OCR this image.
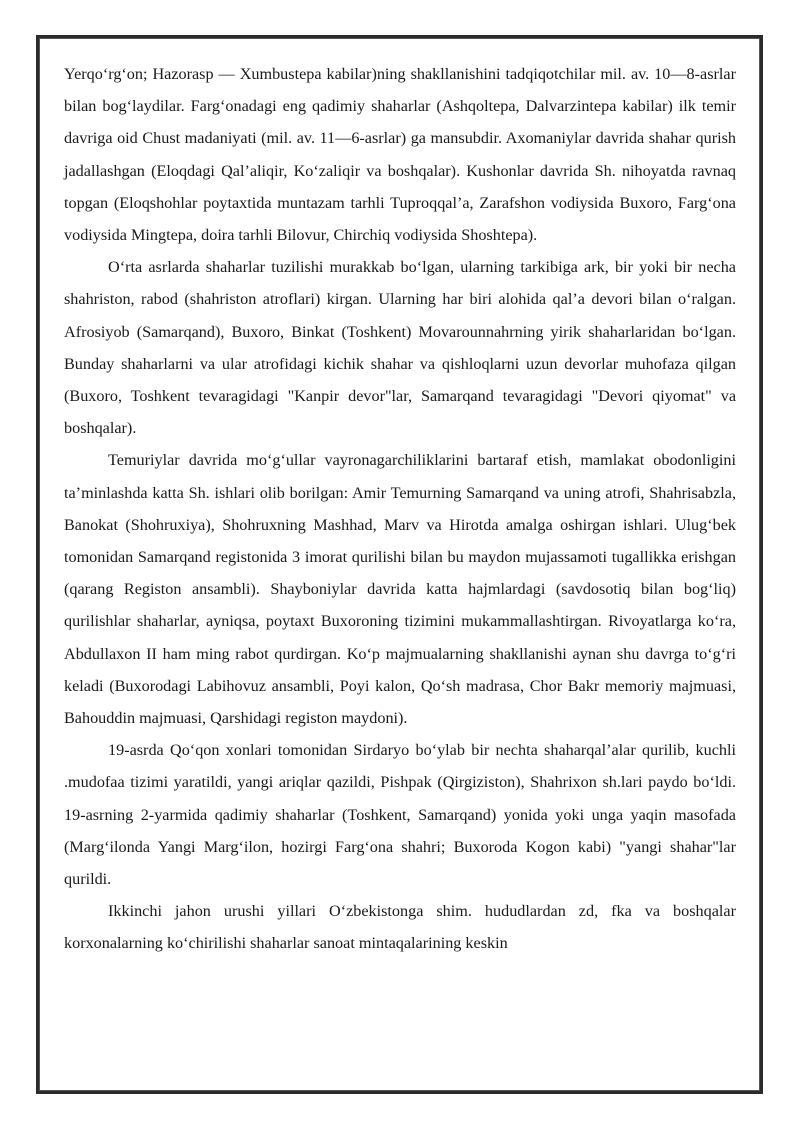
Yerqo‘rg‘on; Hazorasp — Xumbustepa kabilar)ning shakllanishini tadqiqotchilar mil. av. 10—8-asrlar bilan bog‘laydilar. Farg‘onadagi eng qadimiy shaharlar (Ashqoltepa, Dalvarzintepa kabilar) ilk temir davriga oid Chust madaniyati (mil. av. 11—6-asrlar) ga mansubdir. Axomaniylar davrida shahar qurish jadallashgan (Eloqdagi Qal’aliqir, Ko‘zaliqir va boshqalar). Kushonlar davrida Sh. nihoyatda ravnaq topgan (Eloqshohlar poytaxtida muntazam tarhli Tuproqqal’a, Zarafshon vodiysida Buxoro, Farg‘ona vodiysida Mingtepa, doira tarhli Bilovur, Chirchiq vodiysida Shoshtepa).

O‘rta asrlarda shaharlar tuzilishi murakkab bo‘lgan, ularning tarkibiga ark, bir yoki bir necha shahriston, rabod (shahriston atroflari) kirgan. Ularning har biri alohida qal’a devori bilan o‘ralgan. Afrosiyob (Samarqand), Buxoro, Binkat (Toshkent) Movarounnahrning yirik shaharlaridan bo‘lgan. Bunday shaharlarni va ular atrofidagi kichik shahar va qishloqlarni uzun devorlar muhofaza qilgan (Buxoro, Toshkent tevaragidagi "Kanpir devor"lar, Samarqand tevaragidagi "Devori qiyomat" va boshqalar).

Temuriylar davrida mo‘g‘ullar vayronagarchiliklarini bartaraf etish, mamlakat obodonligini ta’minlashda katta Sh. ishlari olib borilgan: Amir Temurning Samarqand va uning atrofi, Shahrisabzla, Banokat (Shohruxiya), Shohruxning Mashhad, Marv va Hirotda amalga oshirgan ishlari. Ulug‘bek tomonidan Samarqand registonida 3 imorat qurilishi bilan bu maydon mujassamoti tugallikka erishgan (qarang Registon ansambli). Shayboniylar davrida katta hajmlardagi (savdosotiq bilan bog‘liq) qurilishlar shaharlar, ayniqsa, poytaxt Buxoroning tizimini mukammallashtirgan. Rivoyatlarga ko‘ra, Abdullaxon II ham ming rabot qurdirgan. Ko‘p majmualarning shakllanishi aynan shu davrga to‘g‘ri keladi (Buxorodagi Labihovuz ansambli, Poyi kalon, Qo‘sh madrasa, Chor Bakr memoriy majmuasi, Bahouddin majmuasi, Qarshidagi registon maydoni).

19-asrda Qo‘qon xonlari tomonidan Sirdaryo bo‘ylab bir nechta shaharqal’alar qurilib, kuchli .mudofaa tizimi yaratildi, yangi ariqlar qazildi, Pishpak (Qirgiziston), Shahrixon sh.lari paydo bo‘ldi. 19-asrning 2-yarmida qadimiy shaharlar (Toshkent, Samarqand) yonida yoki unga yaqin masofada (Marg‘ilonda Yangi Marg‘ilon, hozirgi Farg‘ona shahri; Buxoroda Kogon kabi) "yangi shahar"lar qurildi.

Ikkinchi jahon urushi yillari O‘zbekistonga shim. hududlardan zd, fka va boshqalar korxonalarning ko‘chirilishi shaharlar sanoat mintaqalarining keskin
